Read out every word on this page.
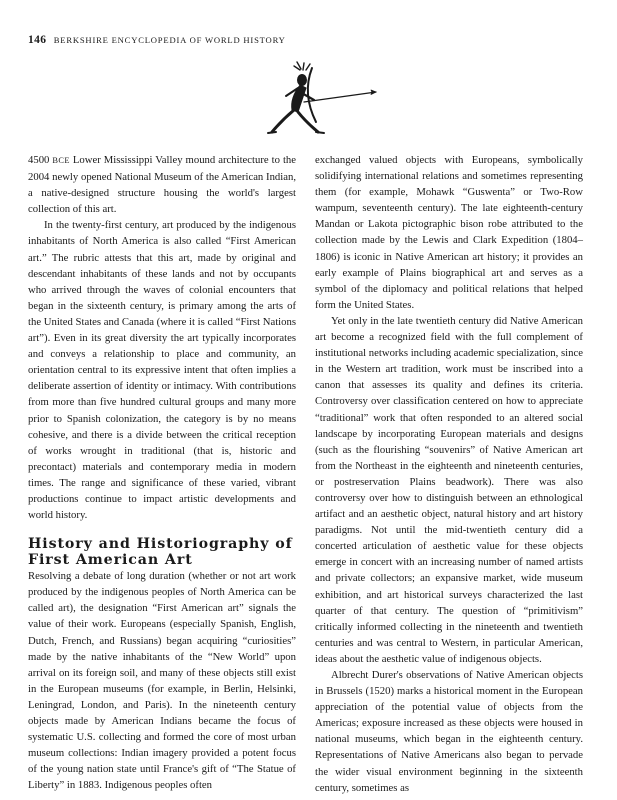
146 BERKSHIRE ENCYCLOPEDIA OF WORLD HISTORY

4500 BCE Lower Mississippi Valley mound architecture to the 2004 newly opened National Museum of the American Indian, a native-designed structure housing the world's largest collection of this art.

In the twenty-first century, art produced by the indigenous inhabitants of North America is also called “First American art.” The rubric attests that this art, made by original and descendant inhabitants of these lands and not by occupants who arrived through the waves of colonial encounters that began in the sixteenth century, is primary among the arts of the United States and Canada (where it is called “First Nations art”). Even in its great diversity the art typically incorporates and conveys a relationship to place and community, an orientation central to its expressive intent that often implies a deliberate assertion of identity or intimacy. With contributions from more than five hundred cultural groups and many more prior to Spanish colonization, the category is by no means cohesive, and there is a divide between the critical reception of works wrought in traditional (that is, historic and precontact) materials and contemporary media in modern times. The range and significance of these varied, vibrant productions continue to impact artistic developments and world history.

History and Historiography of First American Art

Resolving a debate of long duration (whether or not art work produced by the indigenous peoples of North America can be called art), the designation “First American art” signals the value of their work. Europeans (especially Spanish, English, Dutch, French, and Russians) began acquiring “curiosities” made by the native inhabitants of the “New World” upon arrival on its foreign soil, and many of these objects still exist in the European museums (for example, in Berlin, Helsinki, Leningrad, London, and Paris). In the nineteenth century objects made by American Indians became the focus of systematic U.S. collecting and formed the core of most urban museum collections: Indian imagery provided a potent focus of the young nation state until France's gift of “The Statue of Liberty” in 1883. Indigenous peoples often

exchanged valued objects with Europeans, symbolically solidifying international relations and sometimes representing them (for example, Mohawk “Guswenta” or Two-Row wampum, seventeenth century). The late eighteenth-century Mandan or Lakota pictographic bison robe attributed to the collection made by the Lewis and Clark Expedition (1804–1806) is iconic in Native American art history; it provides an early example of Plains biographical art and serves as a symbol of the diplomacy and political relations that helped form the United States.

Yet only in the late twentieth century did Native American art become a recognized field with the full complement of institutional networks including academic specialization, since in the Western art tradition, work must be inscribed into a canon that assesses its quality and defines its criteria. Controversy over classification centered on how to appreciate “traditional” work that often responded to an altered social landscape by incorporating European materials and designs (such as the flourishing “souvenirs” of Native American art from the Northeast in the eighteenth and nineteenth centuries, or postreservation Plains beadwork). There was also controversy over how to distinguish between an ethnological artifact and an aesthetic object, natural history and art history paradigms. Not until the mid-twentieth century did a concerted articulation of aesthetic value for these objects emerge in concert with an increasing number of named artists and private collectors; an expansive market, wide museum exhibition, and art historical surveys characterized the last quarter of that century. The question of “primitivism” critically informed collecting in the nineteenth and twentieth centuries and was central to Western, in particular American, ideas about the aesthetic value of indigenous objects.

Albrecht Durer's observations of Native American objects in Brussels (1520) marks a historical moment in the European appreciation of the potential value of objects from the Americas; exposure increased as these objects were housed in national museums, which began in the eighteenth century. Representations of Native Americans also began to pervade the wider visual environment beginning in the sixteenth century, sometimes as
